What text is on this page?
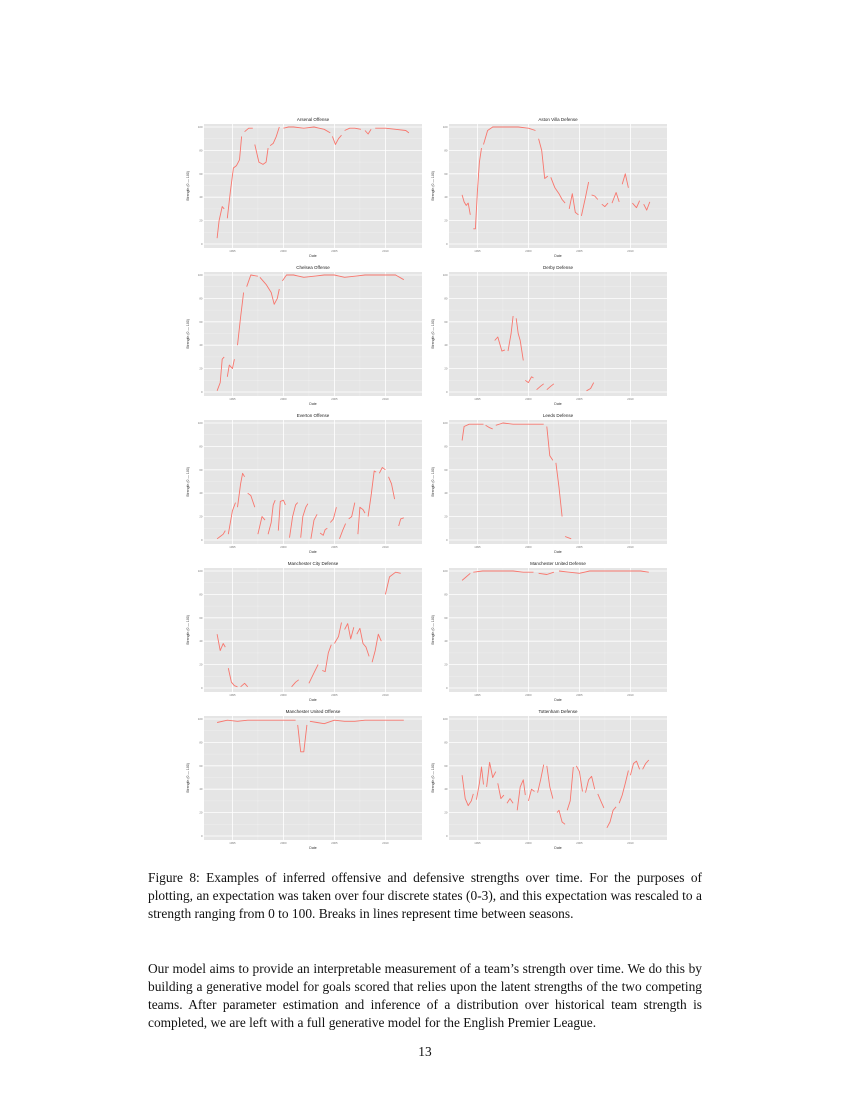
Arsenal Offense
Strength (0 — 100)
0
20
40
60
80
100
1995	2000	2005	2010
Date
Aston Villa Defense
Strength (0 — 100)
0
20
40
60
80
100
1995	2000	2005	2010
Date
Chelsea Offense
Strength (0 — 100)
0
20
40
60
80
100
1995	2000	2005	2010
Date
Derby Defense
Strength (0 — 100)
0
20
40
60
80
100
1995	2000	2005	2010
Date
Everton Offense
Strength (0 — 100)
0
20
40
60
80
100
1995	2000	2005	2010
Date
Leeds Defense
Strength (0 — 100)
0
20
40
60
80
100
1995	2000	2005	2010
Date
Manchester City Defense
Strength (0 — 100)
0
20
40
60
80
100
1995	2000	2005	2010
Date
Manchester United Defense
Strength (0 — 100)
0
20
40
60
80
100
1995	2000	2005	2010
Date
Manchester United Offense
Strength (0 — 100)
0
20
40
60
80
100
1995	2000	2005	2010
Date
Tottenham Defense
Strength (0 — 100)
0
20
40
60
80
100
1995	2000	2005	2010
Date
Figure 8: Examples of inferred offensive and defensive strengths over time. For the purposes of plotting, an expectation was taken over four discrete states (0-3), and this expectation was rescaled to a strength ranging from 0 to 100. Breaks in lines represent time between seasons.
Our model aims to provide an interpretable measurement of a team’s strength over time. We do this by building a generative model for goals scored that relies upon the latent strengths of the two competing teams. After parameter estimation and inference of a distribution over historical team strength is completed, we are left with a full generative model for the English Premier League.
13
